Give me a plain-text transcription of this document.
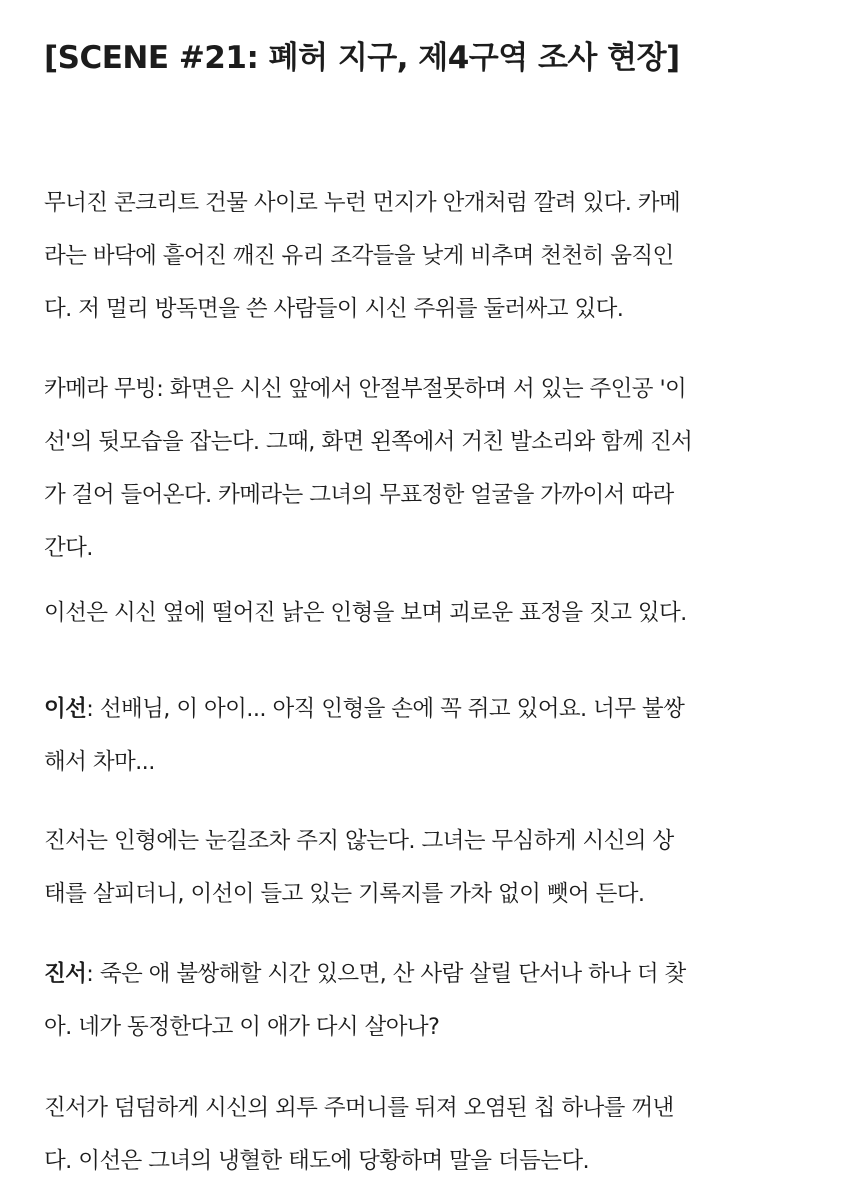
[SCENE #21: 폐허 지구, 제4구역 조사 현장]
무너진 콘크리트 건물 사이로 누런 먼지가 안개처럼 깔려 있다. 카메
라는 바닥에 흩어진 깨진 유리 조각들을 낮게 비추며 천천히 움직인
다. 저 멀리 방독면을 쓴 사람들이 시신 주위를 둘러싸고 있다.
카메라 무빙: 화면은 시신 앞에서 안절부절못하며 서 있는 주인공 '이
선'의 뒷모습을 잡는다. 그때, 화면 왼쪽에서 거친 발소리와 함께 진서
가 걸어 들어온다. 카메라는 그녀의 무표정한 얼굴을 가까이서 따라
간다.
이선은 시신 옆에 떨어진 낡은 인형을 보며 괴로운 표정을 짓고 있다.
이선: 선배님, 이 아이... 아직 인형을 손에 꼭 쥐고 있어요. 너무 불쌍
해서 차마...
진서는 인형에는 눈길조차 주지 않는다. 그녀는 무심하게 시신의 상
태를 살피더니, 이선이 들고 있는 기록지를 가차 없이 뺏어 든다.
진서: 죽은 애 불쌍해할 시간 있으면, 산 사람 살릴 단서나 하나 더 찾
아. 네가 동정한다고 이 애가 다시 살아나?
진서가 덤덤하게 시신의 외투 주머니를 뒤져 오염된 칩 하나를 꺼낸
다. 이선은 그녀의 냉혈한 태도에 당황하며 말을 더듬는다.
